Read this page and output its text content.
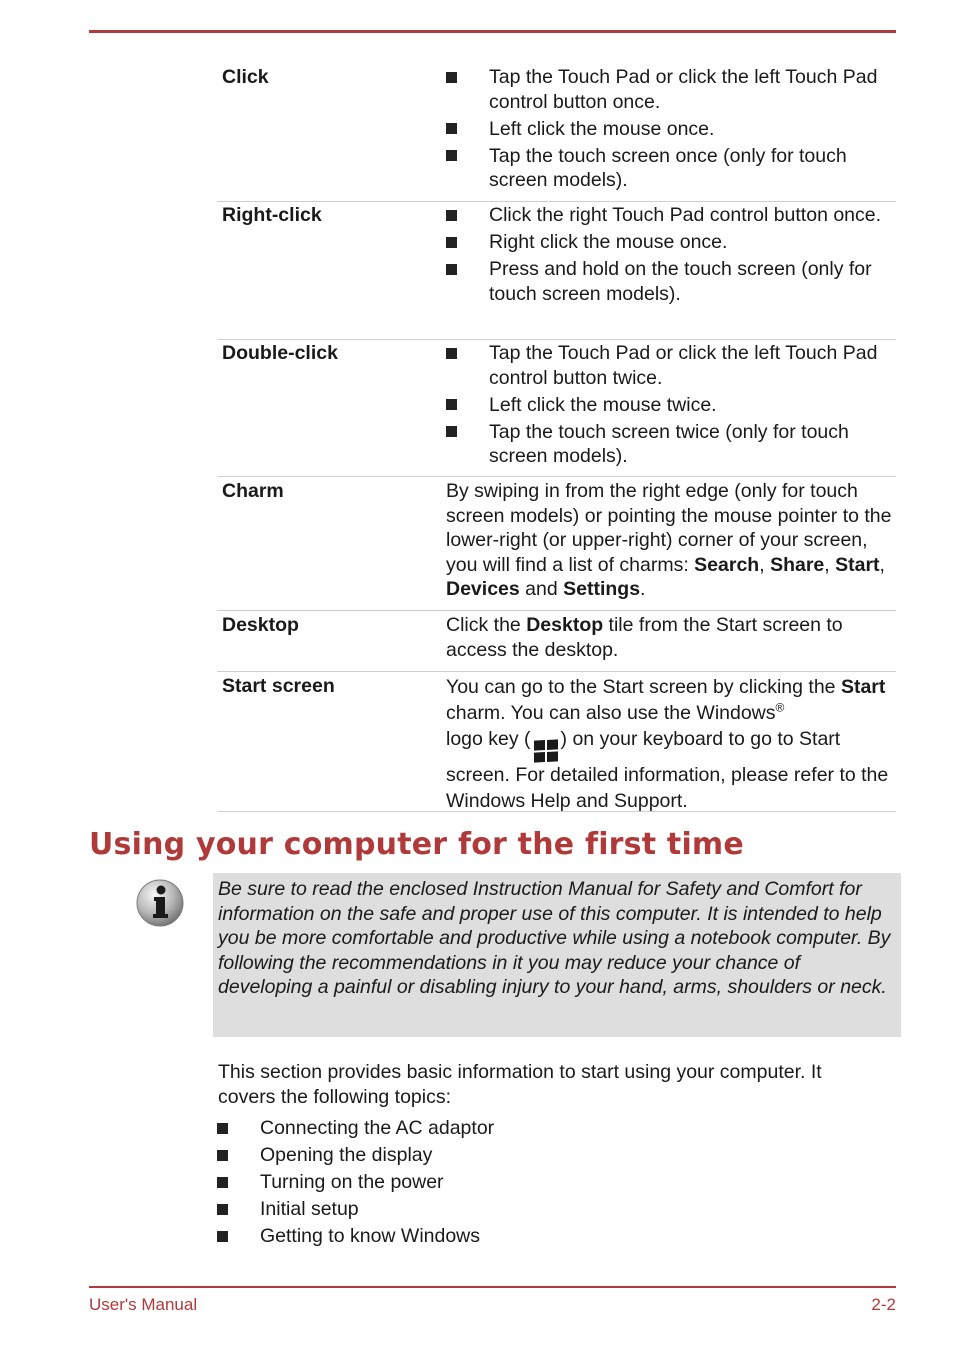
Click	Tap the Touch Pad or click the left Touch Pad control button once.
Left click the mouse once.
Tap the touch screen once (only for touch screen models).
Right-click	Click the right Touch Pad control button once.
Right click the mouse once.
Press and hold on the touch screen (only for touch screen models).
Double-click	Tap the Touch Pad or click the left Touch Pad control button twice.
Left click the mouse twice.
Tap the touch screen twice (only for touch screen models).
Charm	By swiping in from the right edge (only for touch screen models) or pointing the mouse pointer to the lower-right (or upper-right) corner of your screen, you will find a list of charms: Search, Share, Start, Devices and Settings.

Desktop	Click the Desktop tile from the Start screen to access the desktop.

Start screen	You can go to the Start screen by clicking the Start charm. You can also use the Windows®
logo key ( ) on your keyboard to go to Start screen. For detailed information, please refer to the Windows Help and Support.

Using your computer for the first time

Be sure to read the enclosed Instruction Manual for Safety and Comfort for information on the safe and proper use of this computer. It is intended to help you be more comfortable and productive while using a notebook computer. By following the recommendations in it you may reduce your chance of developing a painful or disabling injury to your hand, arms, shoulders or neck.

This section provides basic information to start using your computer. It covers the following topics:

Connecting the AC adaptor
Opening the display
Turning on the power
Initial setup
Getting to know Windows
User's Manual	2-2
